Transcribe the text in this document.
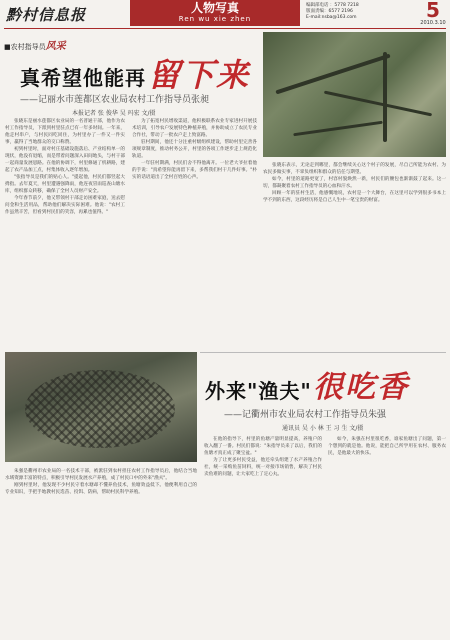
黔村信息报	人物写真
Ren wu xie zhen
编辑部电话 ：5778 7218
版面责编：6577 2196
E-mail:nsba@163.com	5
2010.3.10
■农村指导员风采
真希望他能再 留下来
——记丽水市莲都区农业局农村工作指导员张昶
本报记者 张 俊华 吴 玛宏 文/摄

张晓东是丽水莲都区农业局的一名普通干部，他作为农村工作指导员，下派到村里驻点已有一年多时间。一年来，他走村串户，与村民同吃同住，为村里办了一件又一件实事，赢得了当地群众的交口称赞。

初到村里时，面对村庄基础设施落后、产业结构单一的现状，他没有退缩，而是带着问题深入田间地头，与村干部一起商量发展思路。在他的协调下，村里修通了机耕路，建起了农产品加工点，村集体收入逐年增加。

"张指导员是我们的贴心人。"提起他，村民们都竖起大拇指。去年夏天，村里遭遇强降雨，他连夜冒雨巡查山塘水库，组织群众转移，确保了全村人员财产安全。

今年春节前夕，他又带领村干部走访困难家庭，送去慰问金和生活用品，帮助他们解决实际困难。他说："农村工作虽然辛苦，但看到村民们的笑容，再累也值得。"

为了拓宽村民增收渠道，他积极联系农业专家进村开展技术培训，引导农户发展特色种植养殖，并协助成立了农民专业合作社，带动了一批农户走上致富路。

驻村期间，他还十分注重村级组织建设，帮助村里完善各项规章制度，推动村务公开，村里的各项工作逐步走上规范化轨道。

一年驻村期满，村民们舍不得他离开。一位老大爷拉着他的手说："真希望你能再留下来，多帮我们村干几件好事。"朴实的话语道出了全村百姓的心声。

张晓东表示，无论走到哪里，都会继续关心这个村子的发展，尽自己所能为农村、为农民多做实事，不辜负组织和群众的信任与期望。

如今，村里的道路更宽了，村容村貌焕然一新，村民们的腰包也渐渐鼓了起来。这一切，都凝聚着农村工作指导员的心血和汗水。

回顾一年的驻村生活，他感慨地说，农村是一个大舞台，在这里可以学到很多书本上学不到的东西，这段经历将是自己人生中一笔宝贵的财富。

外来"渔夫" 很吃香
——记衢州市农业局农村工作指导员朱强
通讯员 吴 小 林 王 习 生 文/摄

朱强是衢州市农业局的一名技术干部，被派驻到农村担任农村工作指导员后，他结合当地水域资源丰富的特点，积极引导村民发展水产养殖，成了村民口中的外来"渔夫"。

刚到村里时，他发现不少村民守着水塘却不懂养鱼技术，鱼塘效益低下。他便利用自己的专业知识，手把手地教村民选苗、投饵、防病，帮助村民科学养殖。

在他的指导下，村里的鱼塘产量明显提高，养殖户的收入翻了一番。村民们都说："朱指导员来了以后，我们的鱼塘才真正成了聚宝盆。"

为了让更多村民受益，他还牵头组建了水产养殖合作社，统一采购鱼苗饲料，统一对接市场销售，解决了村民卖鱼难的问题，让大家吃上了定心丸。

如今，朱强在村里很吃香，谁家鱼塘出了问题，第一个想到的就是他。他说，能把自己所学用在农村、服务农民，是他最大的快乐。
